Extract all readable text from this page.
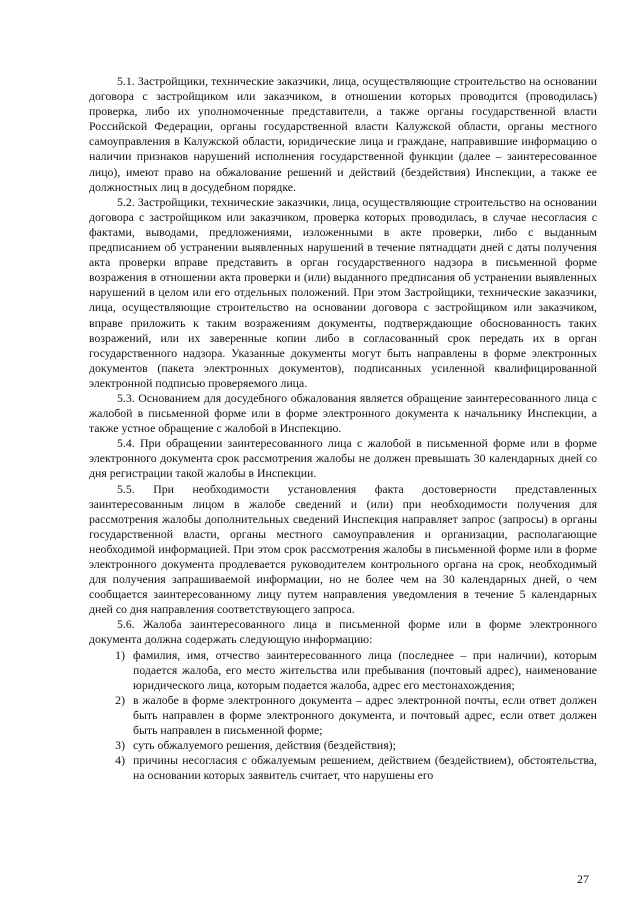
5.1. Застройщики, технические заказчики, лица, осуществляющие строительство на основании договора с застройщиком или заказчиком, в отношении которых проводится (проводилась) проверка, либо их уполномоченные представители, а также органы государственной власти Российской Федерации, органы государственной власти Калужской области, органы местного самоуправления в Калужской области, юридические лица и граждане, направившие информацию о наличии признаков нарушений исполнения государственной функции (далее – заинтересованное лицо), имеют право на обжалование решений и действий (бездействия) Инспекции, а также ее должностных лиц в досудебном порядке.

5.2. Застройщики, технические заказчики, лица, осуществляющие строительство на основании договора с застройщиком или заказчиком, проверка которых проводилась, в случае несогласия с фактами, выводами, предложениями, изложенными в акте проверки, либо с выданным предписанием об устранении выявленных нарушений в течение пятнадцати дней с даты получения акта проверки вправе представить в орган государственного надзора в письменной форме возражения в отношении акта проверки и (или) выданного предписания об устранении выявленных нарушений в целом или его отдельных положений. При этом Застройщики, технические заказчики, лица, осуществляющие строительство на основании договора с застройщиком или заказчиком, вправе приложить к таким возражениям документы, подтверждающие обоснованность таких возражений, или их заверенные копии либо в согласованный срок передать их в орган государственного надзора. Указанные документы могут быть направлены в форме электронных документов (пакета электронных документов), подписанных усиленной квалифицированной электронной подписью проверяемого лица.

5.3. Основанием для досудебного обжалования является обращение заинтересованного лица с жалобой в письменной форме или в форме электронного документа к начальнику Инспекции, а также устное обращение с жалобой в Инспекцию.

5.4. При обращении заинтересованного лица с жалобой в письменной форме или в форме электронного документа срок рассмотрения жалобы не должен превышать 30 календарных дней со дня регистрации такой жалобы в Инспекции.

5.5. При необходимости установления факта достоверности представленных заинтересованным лицом в жалобе сведений и (или) при необходимости получения для рассмотрения жалобы дополнительных сведений Инспекция направляет запрос (запросы) в органы государственной власти, органы местного самоуправления и организации, располагающие необходимой информацией. При этом срок рассмотрения жалобы в письменной форме или в форме электронного документа продлевается руководителем контрольного органа на срок, необходимый для получения запрашиваемой информации, но не более чем на 30 календарных дней, о чем сообщается заинтересованному лицу путем направления уведомления в течение 5 календарных дней со дня направления соответствующего запроса.

5.6. Жалоба заинтересованного лица в письменной форме или в форме электронного документа должна содержать следующую информацию:

1) фамилия, имя, отчество заинтересованного лица (последнее – при наличии), которым подается жалоба, его место жительства или пребывания (почтовый адрес), наименование юридического лица, которым подается жалоба, адрес его местонахождения;
2) в жалобе в форме электронного документа – адрес электронной почты, если ответ должен быть направлен в форме электронного документа, и почтовый адрес, если ответ должен быть направлен в письменной форме;
3) суть обжалуемого решения, действия (бездействия);
4) причины несогласия с обжалуемым решением, действием (бездействием), обстоятельства, на основании которых заявитель считает, что нарушены его
27
